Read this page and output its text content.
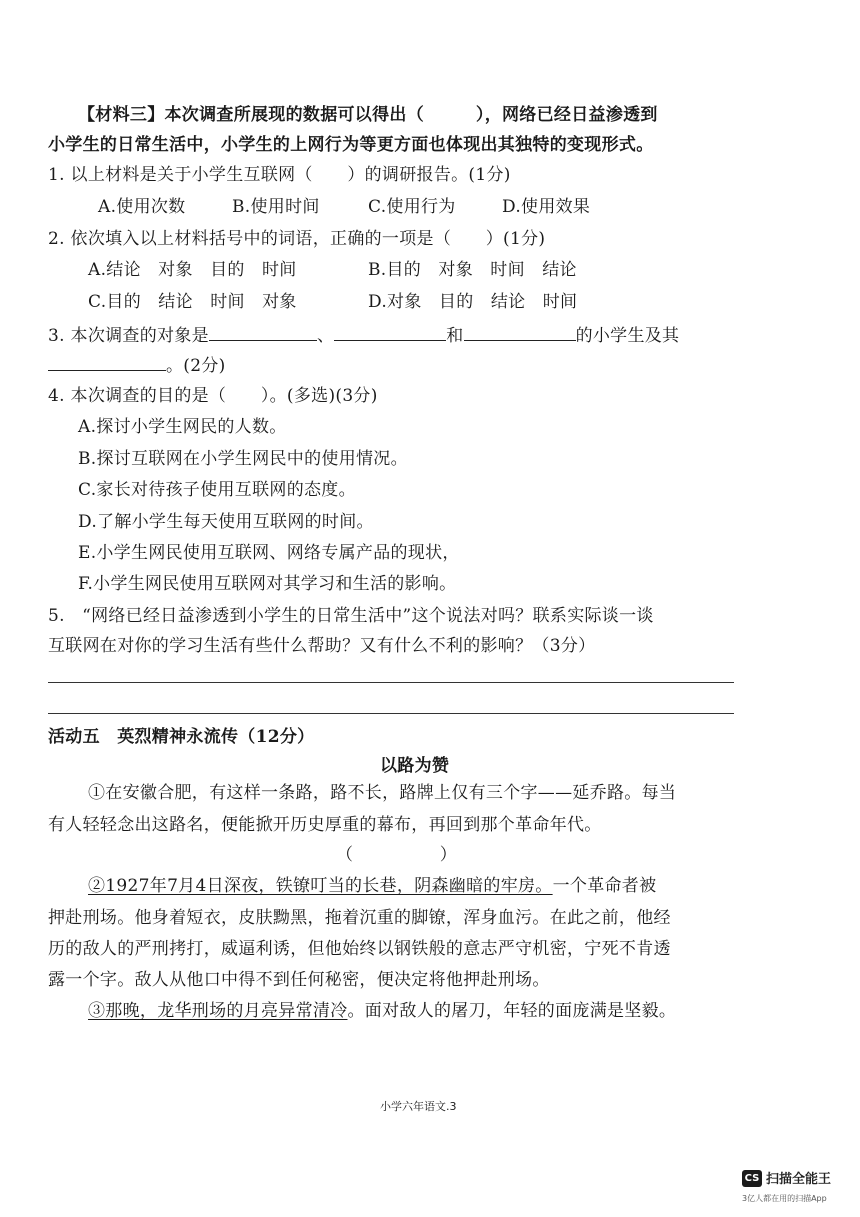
【材料三】本次调查所展现的数据可以得出（　　　），网络已经日益渗透到
小学生的日常生活中，小学生的上网行为等更方面也体现出其独特的变现形式。
1. 以上材料是关于小学生互联网（　　）的调研报告。(1分)
A.使用次数	B.使用时间	C.使用行为	D.使用效果
2. 依次填入以上材料括号中的词语，正确的一项是（　　）(1分)
A.结论　对象　目的　时间	B.目的　对象　时间　结论
C.目的　结论　时间　对象	D.对象　目的　结论　时间
3. 本次调查的对象是	、	和	的小学生及其
。(2分)
4. 本次调查的目的是（　　）。(多选)(3分)
A.探讨小学生网民的人数。
B.探讨互联网在小学生网民中的使用情况。
C.家长对待孩子使用互联网的态度。
D.了解小学生每天使用互联网的时间。
E.小学生网民使用互联网、网络专属产品的现状，
F.小学生网民使用互联网对其学习和生活的影响。
5.　“网络已经日益渗透到小学生的日常生活中”这个说法对吗？联系实际谈一谈
互联网在对你的学习生活有些什么帮助？又有什么不利的影响？（3分）
活动五　英烈精神永流传（12分）
以路为赞
①在安徽合肥，有这样一条路，路不长，路牌上仅有三个字——延乔路。每当
有人轻轻念出这路名，便能掀开历史厚重的幕布，再回到那个革命年代。
（　　　　　）
②1927年7月4日深夜，铁镣叮当的长巷，阴森幽暗的牢房。一个革命者被
押赴刑场。他身着短衣，皮肤黝黑，拖着沉重的脚镣，浑身血污。在此之前，他经
历的敌人的严刑拷打，威逼利诱，但他始终以钢铁般的意志严守机密，宁死不肯透
露一个字。敌人从他口中得不到任何秘密，便决定将他押赴刑场。
③那晚，龙华刑场的月亮异常清冷。面对敌人的屠刀，年轻的面庞满是坚毅。
小学六年语文.3
CS 扫描全能王
3亿人都在用的扫描App
